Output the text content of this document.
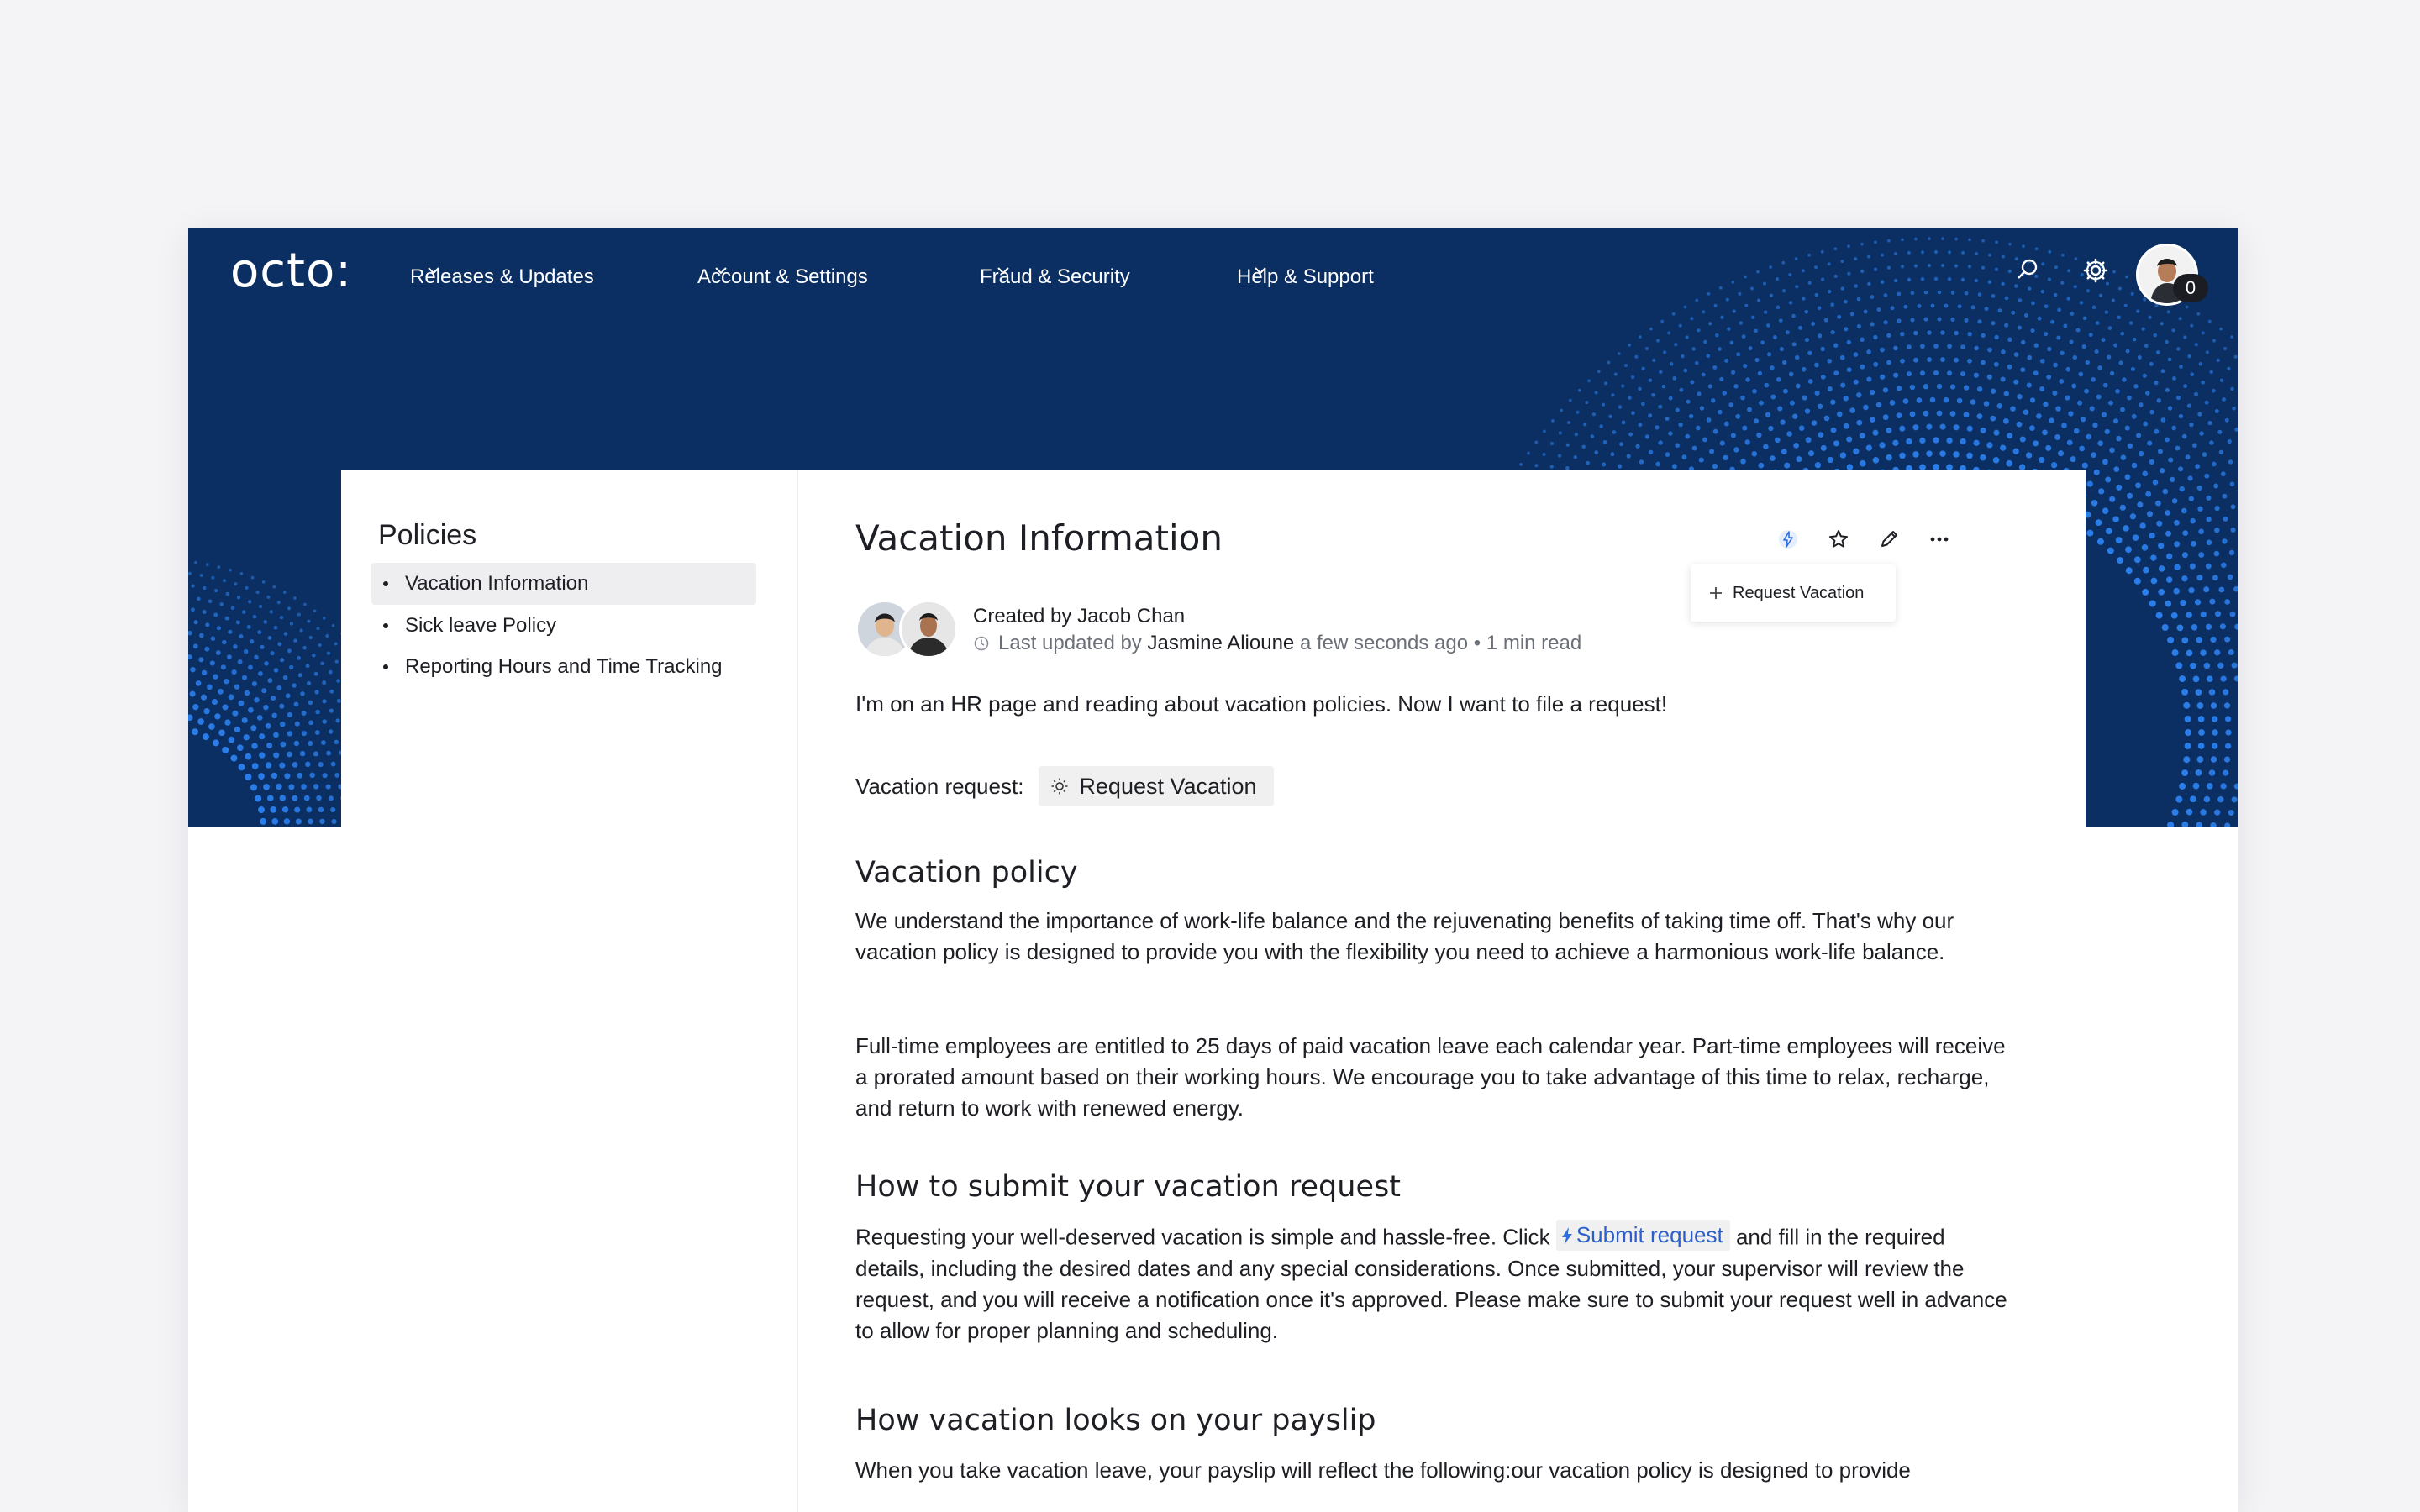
octo:	Releases & Updates	Account & Settings	Fraud & Security	Help & Support	0
Policies
Vacation Information
Sick leave Policy
Reporting Hours and Time Tracking
Vacation Information
Request Vacation
Created by Jacob Chan
Last updated by
Jasmine Alioune
a few seconds ago • 1 min read
I'm on an HR page and reading about vacation policies. Now I want to file a request!
Vacation request: Request Vacation
Vacation policy
We understand the importance of work-life balance and the rejuvenating benefits of taking time off. That's why our vacation policy is designed to provide you with the flexibility you need to achieve a harmonious work-life balance.
Full-time employees are entitled to 25 days of paid vacation leave each calendar year. Part-time employees will receive a prorated amount based on their working hours. We encourage you to take advantage of this time to relax, recharge, and return to work with renewed energy.
How to submit your vacation request
Requesting your well-deserved vacation is simple and hassle-free. Click Submit request and fill in the required details, including the desired dates and any special considerations. Once submitted, your supervisor will review the request, and you will receive a notification once it's approved. Please make sure to submit your request well in advance to allow for proper planning and scheduling.
How vacation looks on your payslip
When you take vacation leave, your payslip will reflect the following:our vacation policy is designed to provide
